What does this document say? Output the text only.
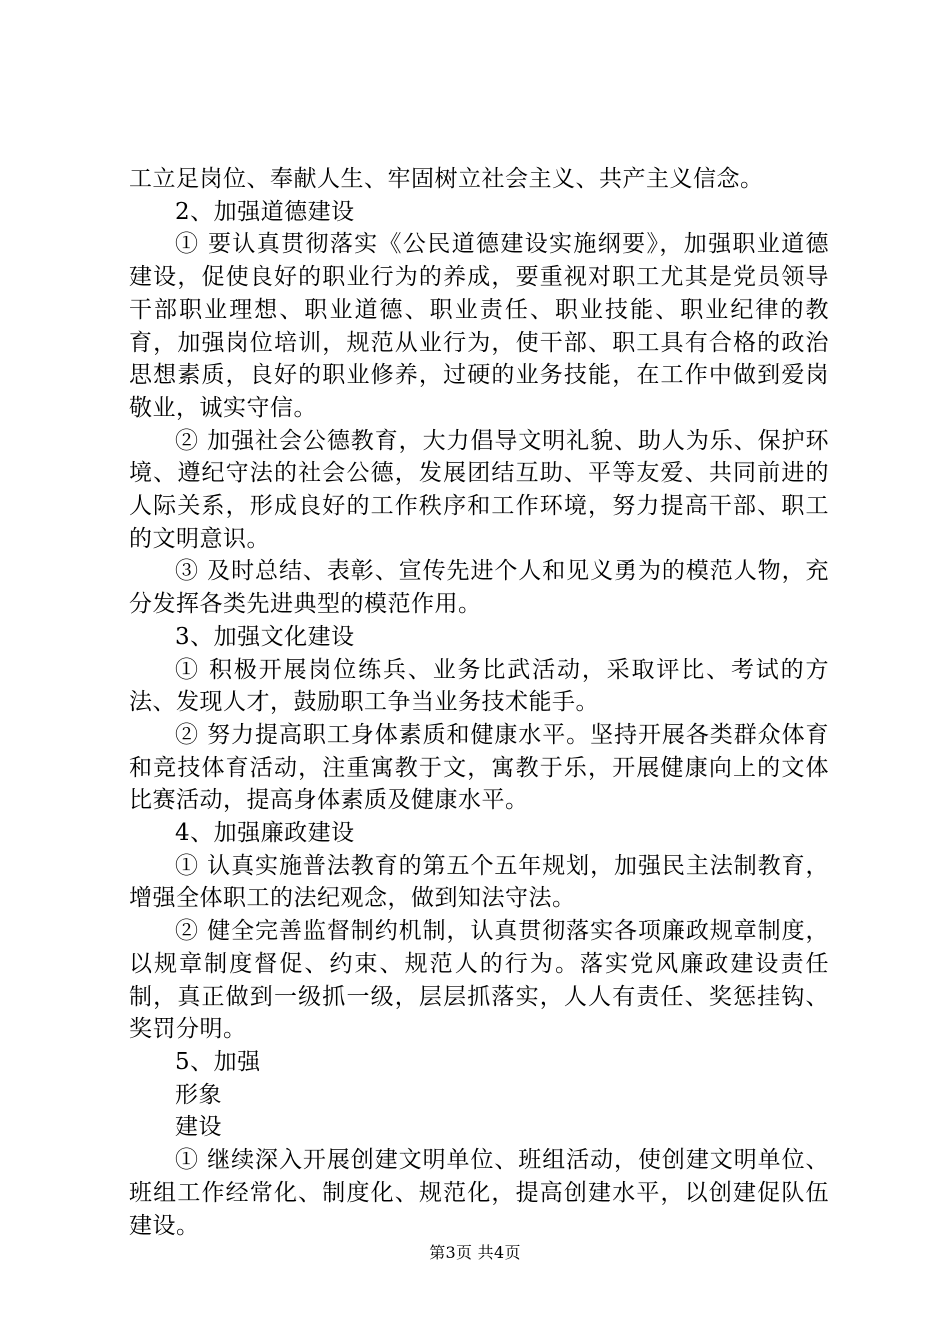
工立足岗位、奉献人生、牢固树立社会主义、共产主义信念。

2、加强道德建设

① 要认真贯彻落实《公民道德建设实施纲要》，加强职业道德建设，促使良好的职业行为的养成，要重视对职工尤其是党员领导干部职业理想、职业道德、职业责任、职业技能、职业纪律的教育，加强岗位培训，规范从业行为，使干部、职工具有合格的政治思想素质，良好的职业修养，过硬的业务技能，在工作中做到爱岗敬业，诚实守信。

② 加强社会公德教育，大力倡导文明礼貌、助人为乐、保护环境、遵纪守法的社会公德，发展团结互助、平等友爱、共同前进的人际关系，形成良好的工作秩序和工作环境，努力提高干部、职工的文明意识。

③ 及时总结、表彰、宣传先进个人和见义勇为的模范人物，充分发挥各类先进典型的模范作用。

3、加强文化建设

① 积极开展岗位练兵、业务比武活动，采取评比、考试的方法、发现人才，鼓励职工争当业务技术能手。

② 努力提高职工身体素质和健康水平。坚持开展各类群众体育和竞技体育活动，注重寓教于文，寓教于乐，开展健康向上的文体比赛活动，提高身体素质及健康水平。

4、加强廉政建设

① 认真实施普法教育的第五个五年规划，加强民主法制教育，增强全体职工的法纪观念，做到知法守法。

② 健全完善监督制约机制，认真贯彻落实各项廉政规章制度，以规章制度督促、约束、规范人的行为。落实党风廉政建设责任制，真正做到一级抓一级，层层抓落实，人人有责任、奖惩挂钩、奖罚分明。

5、加强

形象

建设

① 继续深入开展创建文明单位、班组活动，使创建文明单位、班组工作经常化、制度化、规范化，提高创建水平，以创建促队伍建设。

第3页 共4页
